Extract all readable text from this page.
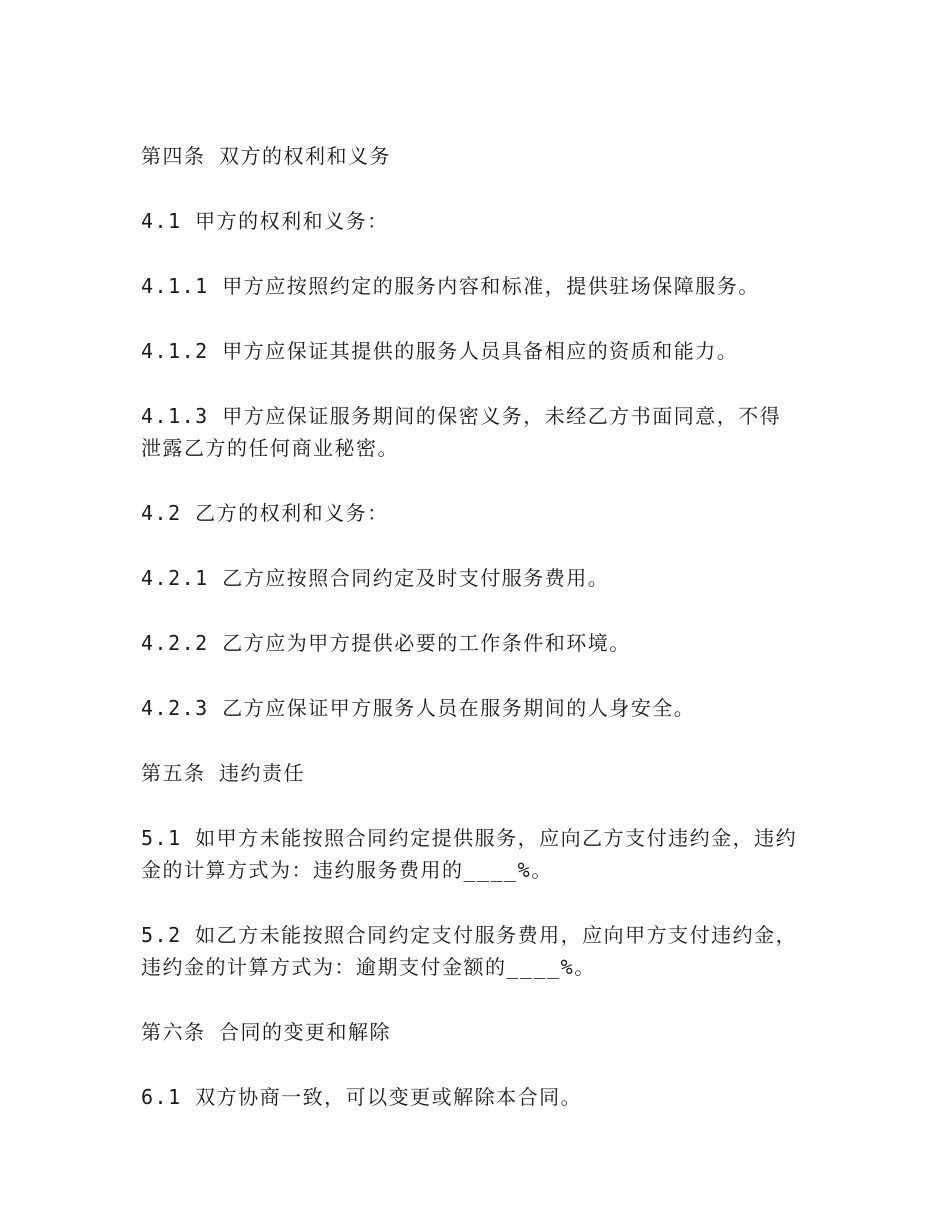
第四条 双方的权利和义务

4.1 甲方的权利和义务：

4.1.1 甲方应按照约定的服务内容和标准，提供驻场保障服务。

4.1.2 甲方应保证其提供的服务人员具备相应的资质和能力。

4.1.3 甲方应保证服务期间的保密义务，未经乙方书面同意，不得泄露乙方的任何商业秘密。

4.2 乙方的权利和义务：

4.2.1 乙方应按照合同约定及时支付服务费用。

4.2.2 乙方应为甲方提供必要的工作条件和环境。

4.2.3 乙方应保证甲方服务人员在服务期间的人身安全。

第五条 违约责任

5.1 如甲方未能按照合同约定提供服务，应向乙方支付违约金，违约金的计算方式为：违约服务费用的____%。

5.2 如乙方未能按照合同约定支付服务费用，应向甲方支付违约金，违约金的计算方式为：逾期支付金额的____%。

第六条 合同的变更和解除

6.1 双方协商一致，可以变更或解除本合同。
